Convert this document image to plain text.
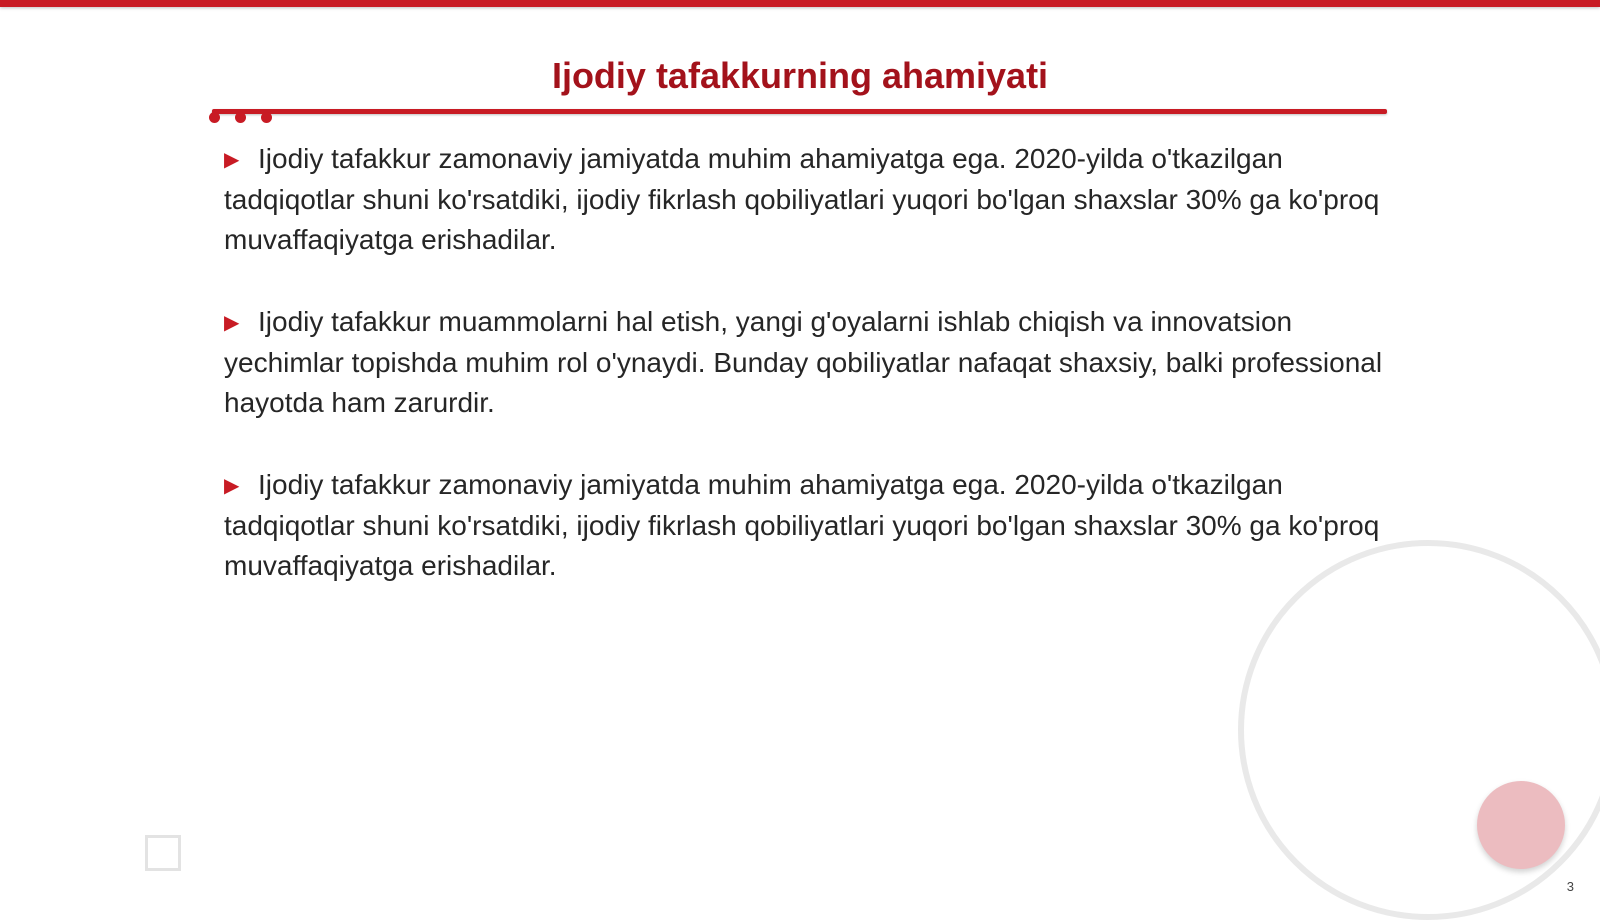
Ijodiy tafakkurning ahamiyati

▶ Ijodiy tafakkur zamonaviy jamiyatda muhim ahamiyatga ega. 2020-yilda o'tkazilgan tadqiqotlar shuni ko'rsatdiki, ijodiy fikrlash qobiliyatlari yuqori bo'lgan shaxslar 30% ga ko'proq muvaffaqiyatga erishadilar.

▶ Ijodiy tafakkur muammolarni hal etish, yangi g'oyalarni ishlab chiqish va innovatsion yechimlar topishda muhim rol o'ynaydi. Bunday qobiliyatlar nafaqat shaxsiy, balki professional hayotda ham zarurdir.

▶ Ijodiy tafakkur zamonaviy jamiyatda muhim ahamiyatga ega. 2020-yilda o'tkazilgan tadqiqotlar shuni ko'rsatdiki, ijodiy fikrlash qobiliyatlari yuqori bo'lgan shaxslar 30% ga ko'proq muvaffaqiyatga erishadilar.

3
